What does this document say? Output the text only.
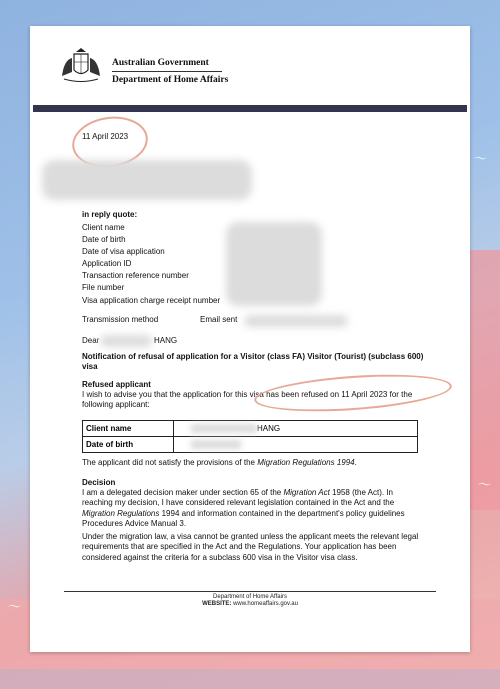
〜
〜
〜
Australian Government
Department of Home Affairs
11 April 2023
in reply quote:
Client name
Date of birth
Date of visa application
Application ID
Transaction reference number
File number
Visa application charge receipt number
Transmission method	Email sent
Dear	HANG
Notification of refusal of application for a Visitor (class FA) Visitor (Tourist) (subclass 600) visa
Refused applicant
I wish to advise you that the application for this visa has been refused on 11 April 2023 for the following applicant:
Client name	HANG
Date of birth	
The applicant did not satisfy the provisions of the Migration Regulations 1994.
Decision
I am a delegated decision maker under section 65 of the Migration Act 1958 (the Act). In reaching my decision, I have considered relevant legislation contained in the Act and the Migration Regulations 1994 and information contained in the department's policy guidelines Procedures Advice Manual 3.
Under the migration law, a visa cannot be granted unless the applicant meets the relevant legal requirements that are specified in the Act and the Regulations. Your application has been considered against the criteria for a subclass 600 visa in the Visitor visa class.
Department of Home Affairs
WEBSITE: www.homeaffairs.gov.au
